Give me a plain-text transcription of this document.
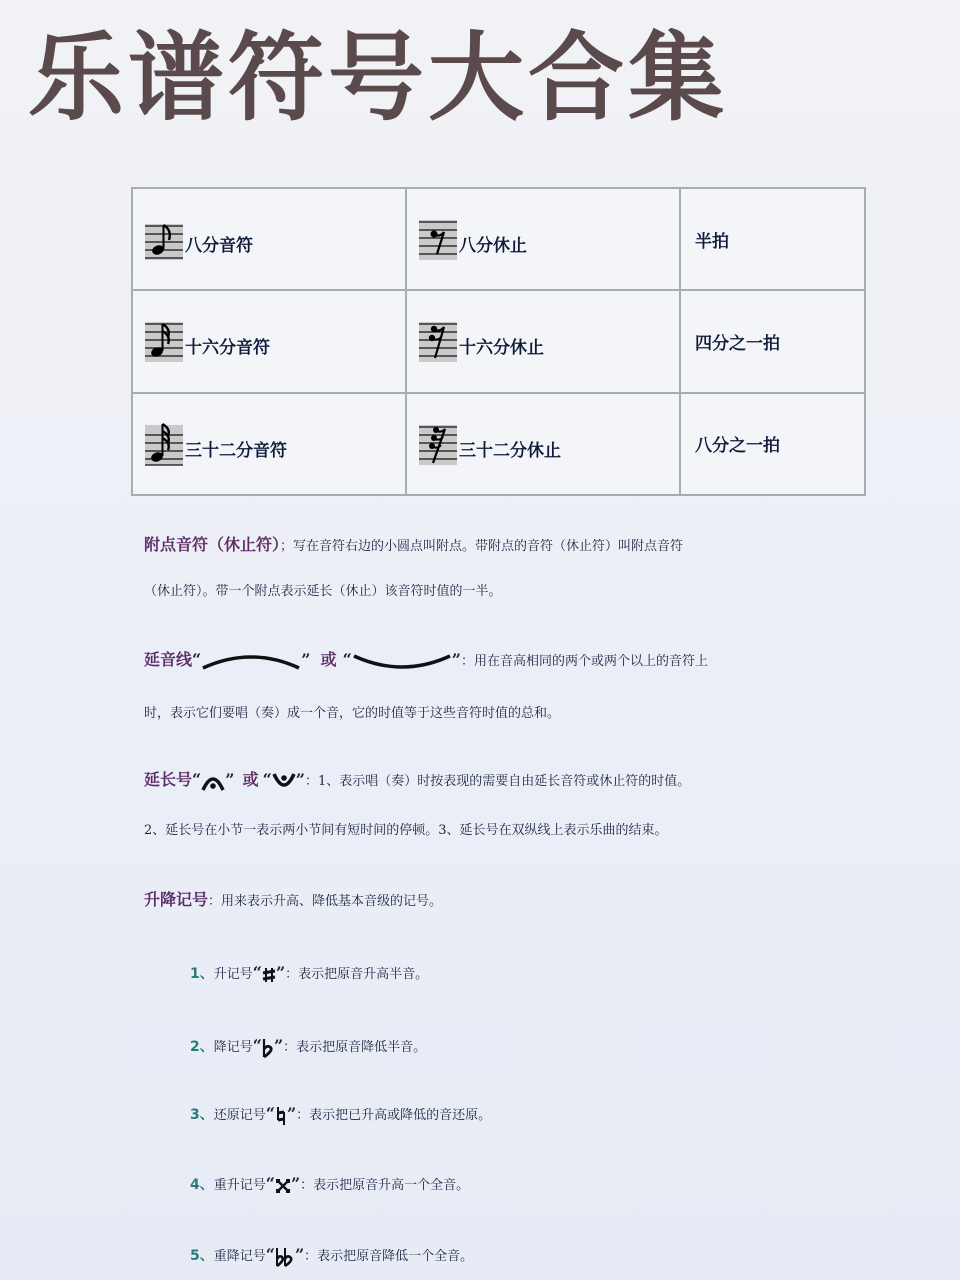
乐谱符号大合集
八分音符	八分休止	半拍

十六分音符	十六分休止	四分之一拍

三十二分音符	三十二分休止	八分之一拍
附点音符（休止符）；写在音符右边的小圆点叫附点。带附点的音符（休止符）叫附点音符
（休止符）。带一个附点表示延长（休止）该音符时值的一半。
延音线“	” 或 “	”：用在音高相同的两个或两个以上的音符上
时，表示它们要唱（奏）成一个音，它的时值等于这些音符时值的总和。
延长号“ ” 或 “ ”：1、表示唱（奏）时按表现的需要自由延长音符或休止符的时值。
2、延长号在小节一表示两小节间有短时间的停顿。3、延长号在双纵线上表示乐曲的结束。
升降记号：用来表示升高、降低基本音级的记号。
1、升记号“ ”：表示把原音升高半音。
2、降记号“ ”：表示把原音降低半音。
3、还原记号“ ”：表示把已升高或降低的音还原。
4、重升记号“ ”：表示把原音升高一个全音。
5、重降记号“ ”：表示把原音降低一个全音。
